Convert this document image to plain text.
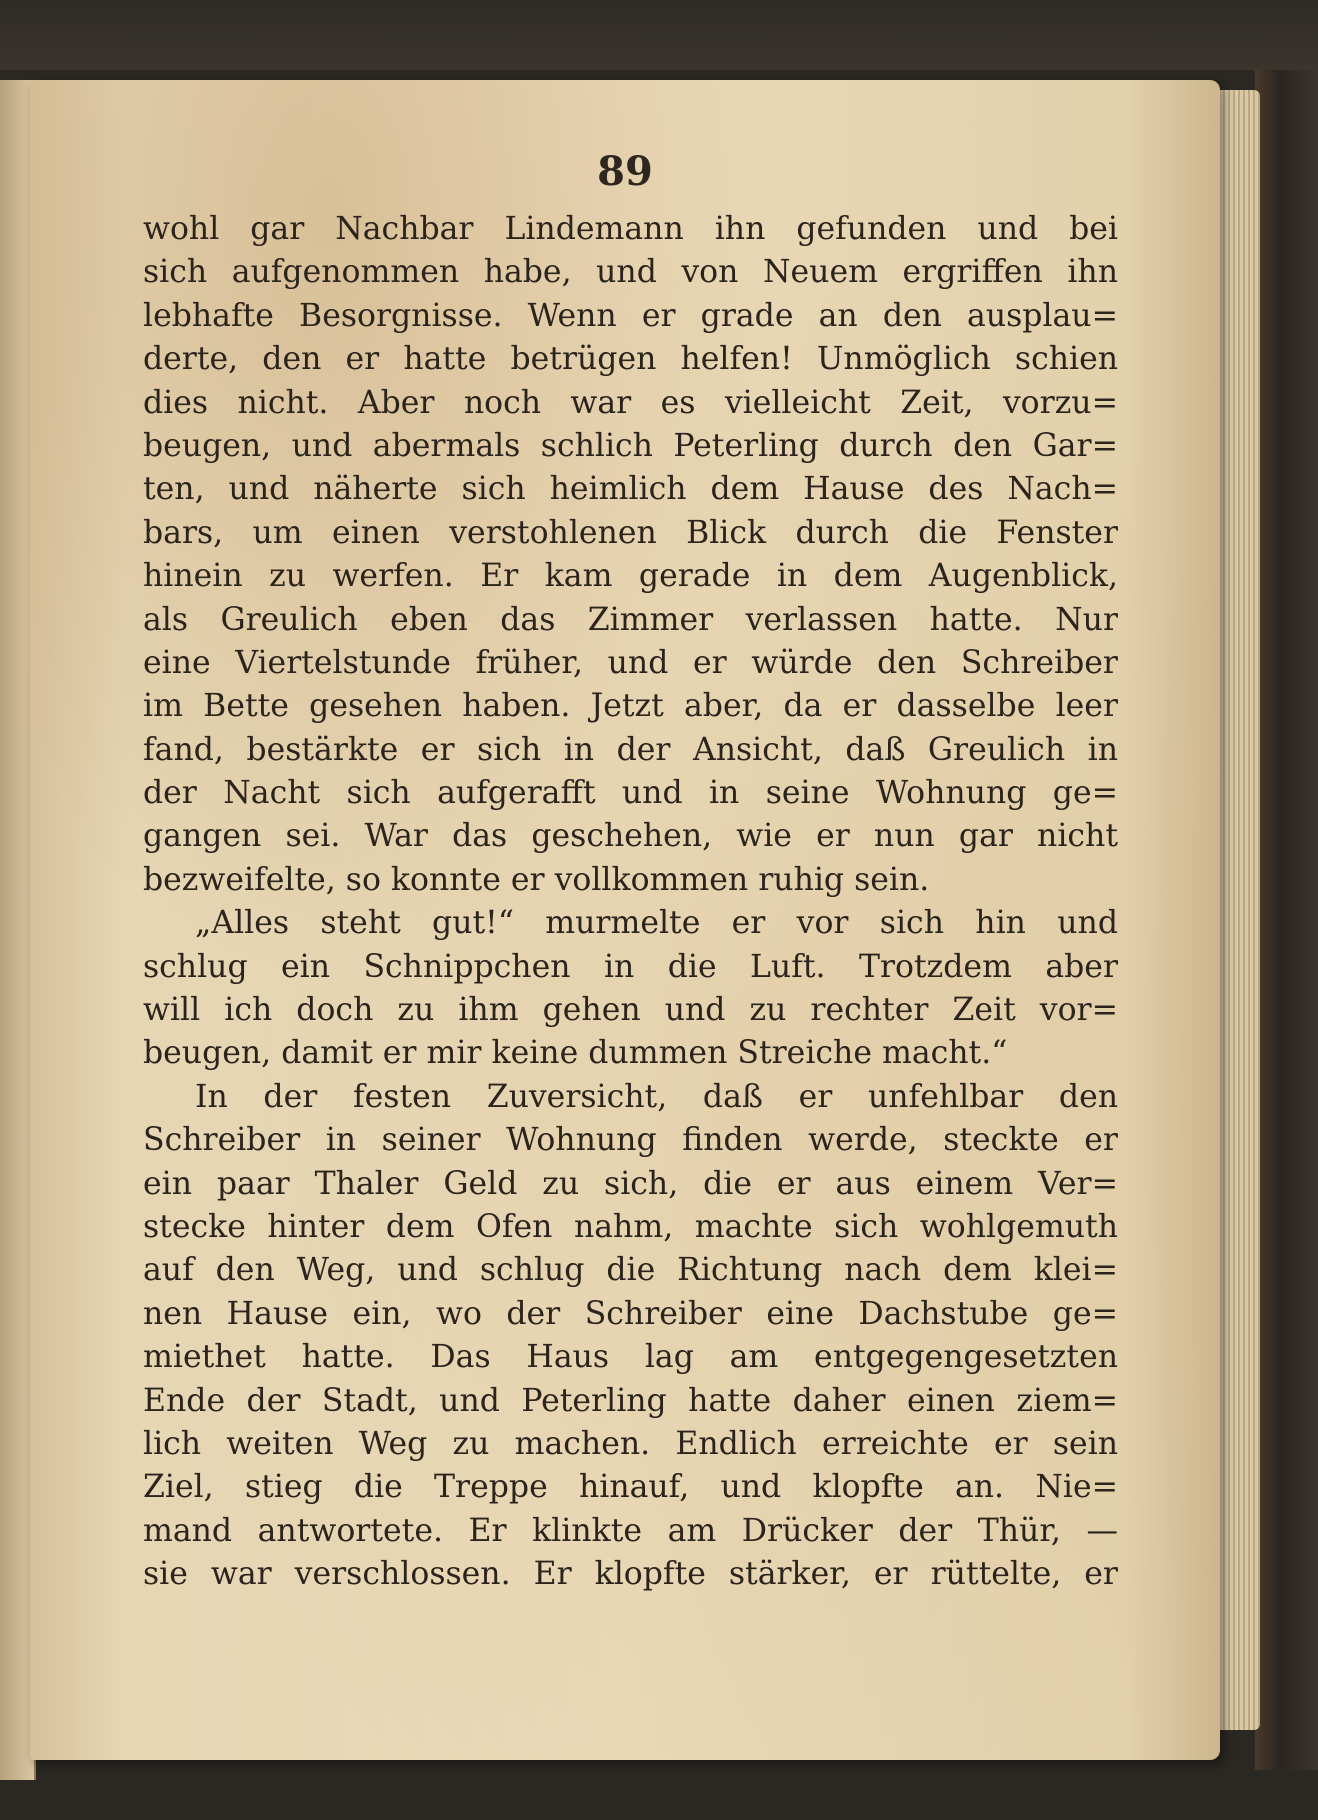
89
wohl gar Nachbar Lindemann ihn gefunden und bei
sich aufgenommen habe, und von Neuem ergriffen ihn
lebhafte Besorgnisse. Wenn er grade an den ausplau=
derte, den er hatte betrügen helfen! Unmöglich schien
dies nicht. Aber noch war es vielleicht Zeit, vorzu=
beugen, und abermals schlich Peterling durch den Gar=
ten, und näherte sich heimlich dem Hause des Nach=
bars, um einen verstohlenen Blick durch die Fenster
hinein zu werfen. Er kam gerade in dem Augenblick,
als Greulich eben das Zimmer verlassen hatte. Nur
eine Viertelstunde früher, und er würde den Schreiber
im Bette gesehen haben. Jetzt aber, da er dasselbe leer
fand, bestärkte er sich in der Ansicht, daß Greulich in
der Nacht sich aufgerafft und in seine Wohnung ge=
gangen sei. War das geschehen, wie er nun gar nicht
bezweifelte, so konnte er vollkommen ruhig sein.
„Alles steht gut!“ murmelte er vor sich hin und
schlug ein Schnippchen in die Luft. Trotzdem aber
will ich doch zu ihm gehen und zu rechter Zeit vor=
beugen, damit er mir keine dummen Streiche macht.“
In der festen Zuversicht, daß er unfehlbar den
Schreiber in seiner Wohnung finden werde, steckte er
ein paar Thaler Geld zu sich, die er aus einem Ver=
stecke hinter dem Ofen nahm, machte sich wohlgemuth
auf den Weg, und schlug die Richtung nach dem klei=
nen Hause ein, wo der Schreiber eine Dachstube ge=
miethet hatte. Das Haus lag am entgegengesetzten
Ende der Stadt, und Peterling hatte daher einen ziem=
lich weiten Weg zu machen. Endlich erreichte er sein
Ziel, stieg die Treppe hinauf, und klopfte an. Nie=
mand antwortete. Er klinkte am Drücker der Thür, —
sie war verschlossen. Er klopfte stärker, er rüttelte, er
